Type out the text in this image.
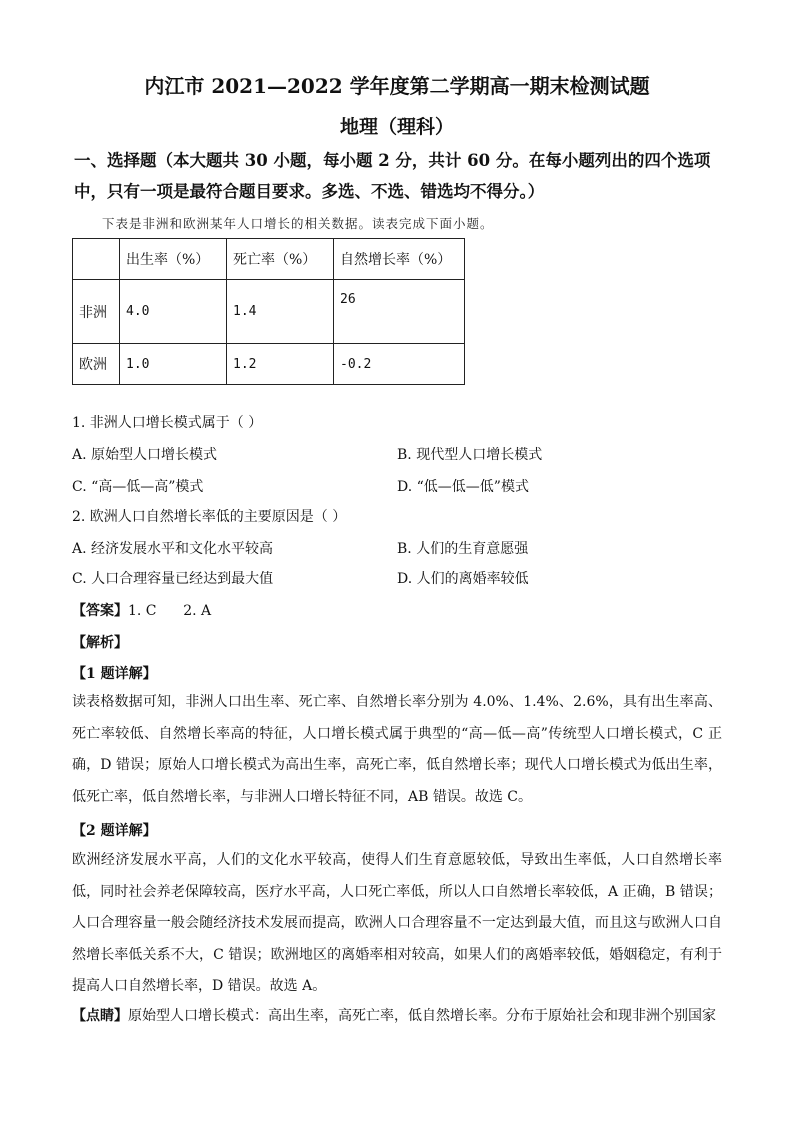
内江市 2021—2022 学年度第二学期高一期末检测试题
地理（理科）
一、选择题（本大题共 30 小题，每小题 2 分，共计 60 分。在每小题列出的四个选项中，只有一项是最符合题目要求。多选、不选、错选均不得分。）
下表是非洲和欧洲某年人口增长的相关数据。读表完成下面小题。
	出生率（%）	死亡率（%）	自然增长率（%）
非洲	4.0	1.4	26
欧洲	1.0	1.2	-0.2
1. 非洲人口增长模式属于（ ）
A. 原始型人口增长模式	B. 现代型人口增长模式
C. “高—低—高”模式	D. “低—低—低”模式
2. 欧洲人口自然增长率低的主要原因是（ ）
A. 经济发展水平和文化水平较高	B. 人们的生育意愿强
C. 人口合理容量已经达到最大值	D. 人们的离婚率较低
【答案】1. C      2. A
【解析】
【1 题详解】
读表格数据可知，非洲人口出生率、死亡率、自然增长率分别为 4.0%、1.4%、2.6%，具有出生率高、死亡率较低、自然增长率高的特征，人口增长模式属于典型的“高—低—高”传统型人口增长模式，C 正确，D 错误；原始人口增长模式为高出生率，高死亡率，低自然增长率；现代人口增长模式为低出生率，低死亡率，低自然增长率，与非洲人口增长特征不同，AB 错误。故选 C。
【2 题详解】
欧洲经济发展水平高，人们的文化水平较高，使得人们生育意愿较低，导致出生率低，人口自然增长率低，同时社会养老保障较高，医疗水平高，人口死亡率低，所以人口自然增长率较低，A 正确，B 错误；人口合理容量一般会随经济技术发展而提高，欧洲人口合理容量不一定达到最大值，而且这与欧洲人口自然增长率低关系不大，C 错误；欧洲地区的离婚率相对较高，如果人们的离婚率较低，婚姻稳定，有利于提高人口自然增长率，D 错误。故选 A。
【点睛】原始型人口增长模式：高出生率，高死亡率，低自然增长率。分布于原始社会和现非洲个别国家
